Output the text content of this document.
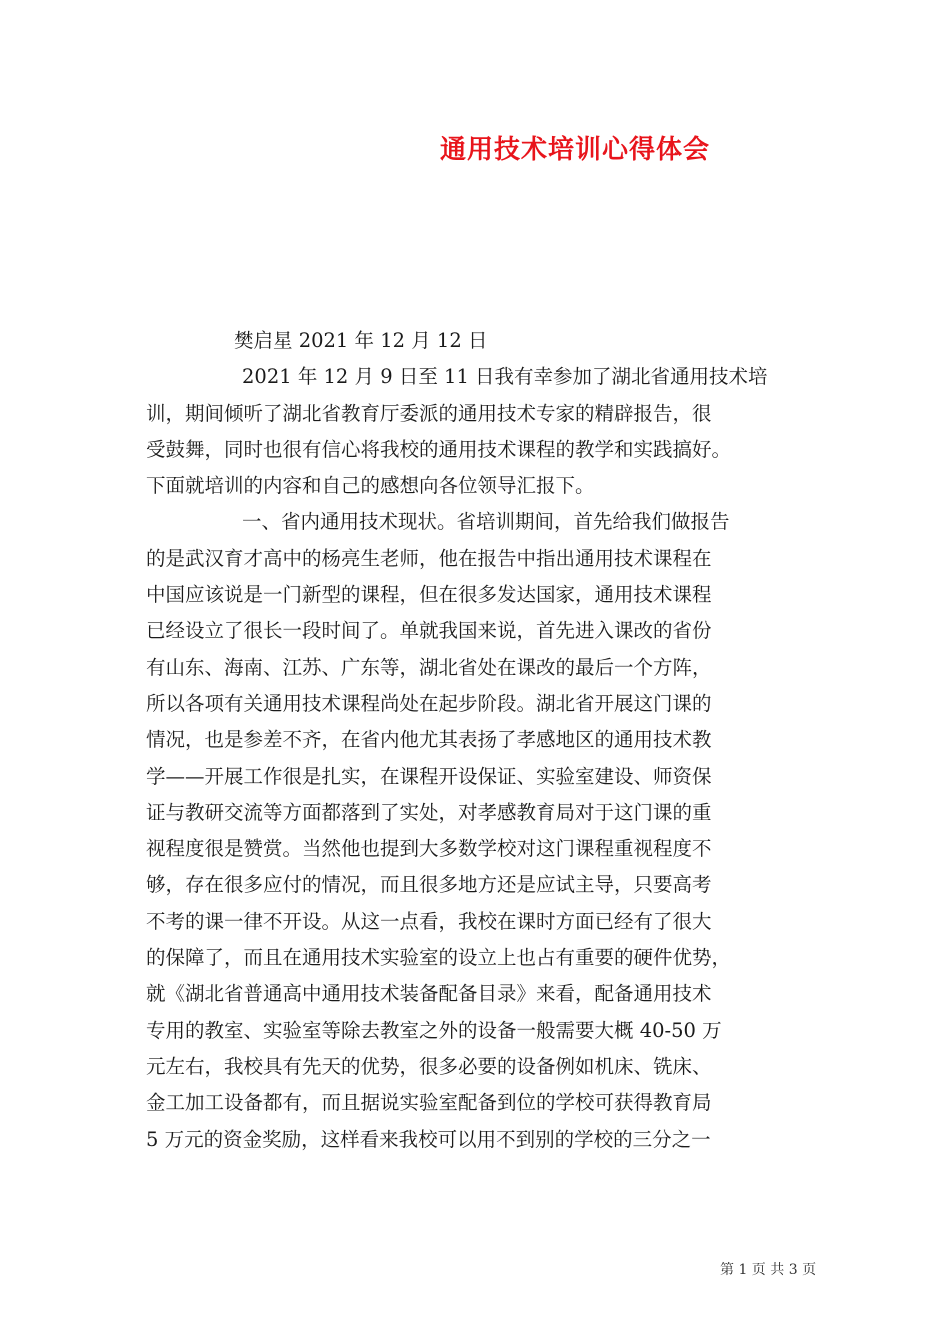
通用技术培训心得体会
樊启星 2021 年 12 月 12 日
2021 年 12 月 9 日至 11 日我有幸参加了湖北省通用技术培
训，期间倾听了湖北省教育厅委派的通用技术专家的精辟报告，很
受鼓舞，同时也很有信心将我校的通用技术课程的教学和实践搞好。
下面就培训的内容和自己的感想向各位领导汇报下。
一、省内通用技术现状。省培训期间，首先给我们做报告
的是武汉育才高中的杨亮生老师，他在报告中指出通用技术课程在
中国应该说是一门新型的课程，但在很多发达国家，通用技术课程
已经设立了很长一段时间了。单就我国来说，首先进入课改的省份
有山东、海南、江苏、广东等，湖北省处在课改的最后一个方阵，
所以各项有关通用技术课程尚处在起步阶段。湖北省开展这门课的
情况，也是参差不齐，在省内他尤其表扬了孝感地区的通用技术教
学——开展工作很是扎实，在课程开设保证、实验室建设、师资保
证与教研交流等方面都落到了实处，对孝感教育局对于这门课的重
视程度很是赞赏。当然他也提到大多数学校对这门课程重视程度不
够，存在很多应付的情况，而且很多地方还是应试主导，只要高考
不考的课一律不开设。从这一点看，我校在课时方面已经有了很大
的保障了，而且在通用技术实验室的设立上也占有重要的硬件优势，
就《湖北省普通高中通用技术装备配备目录》来看，配备通用技术
专用的教室、实验室等除去教室之外的设备一般需要大概 40-50 万
元左右，我校具有先天的优势，很多必要的设备例如机床、铣床、
金工加工设备都有，而且据说实验室配备到位的学校可获得教育局
5 万元的资金奖励，这样看来我校可以用不到别的学校的三分之一
第 1 页 共 3 页
